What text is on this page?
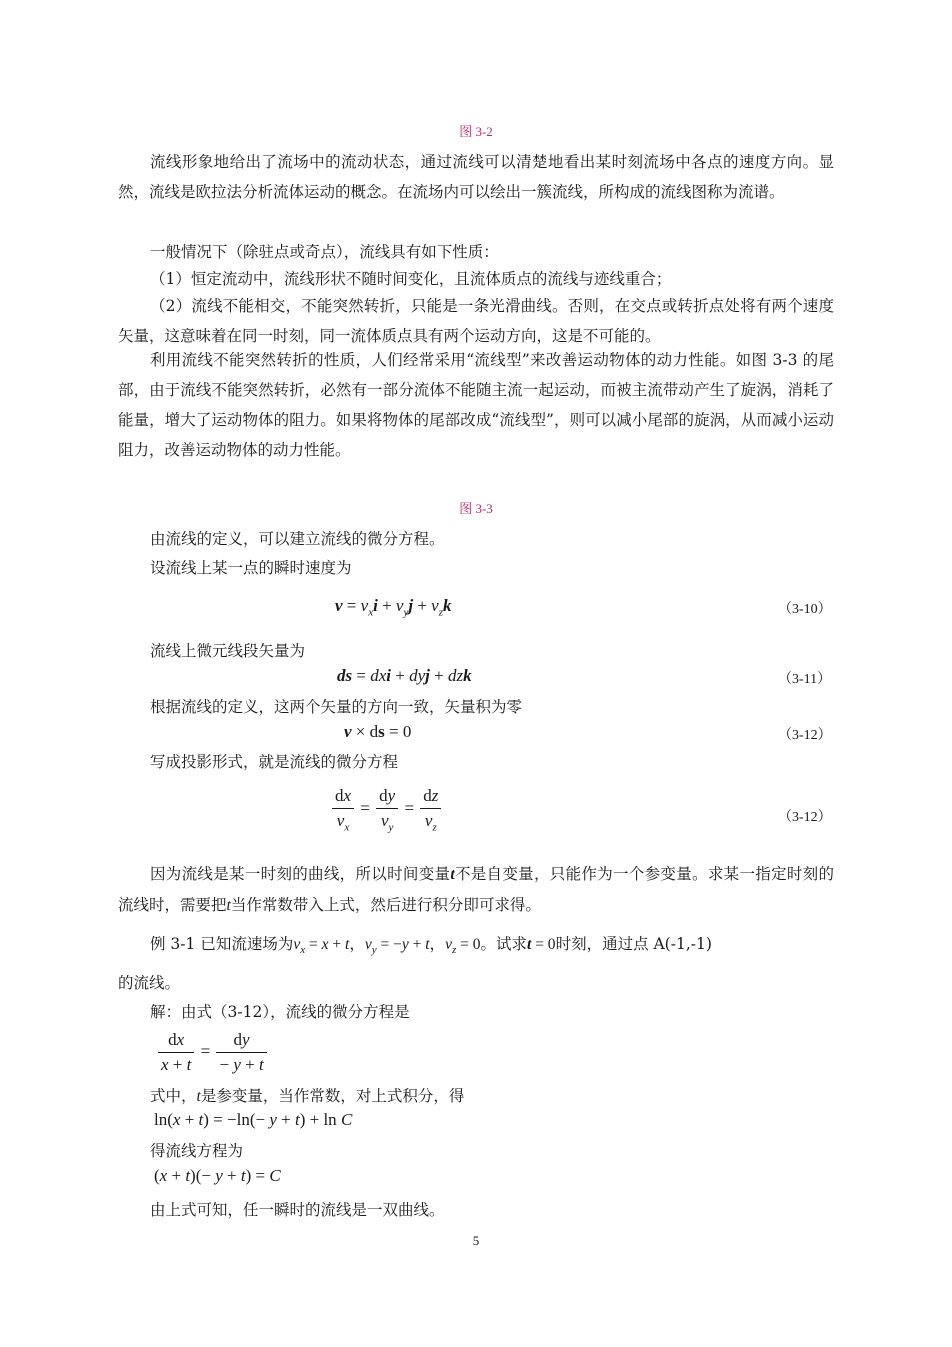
图 3-2

流线形象地给出了流场中的流动状态，通过流线可以清楚地看出某时刻流场中各点的速度方向。显然，流线是欧拉法分析流体运动的概念。在流场内可以绘出一簇流线，所构成的流线图称为流谱。

一般情况下（除驻点或奇点），流线具有如下性质：
（1）恒定流动中，流线形状不随时间变化，且流体质点的流线与迹线重合；

（2）流线不能相交，不能突然转折，只能是一条光滑曲线。否则，在交点或转折点处将有两个速度矢量，这意味着在同一时刻，同一流体质点具有两个运动方向，这是不可能的。

利用流线不能突然转折的性质，人们经常采用“流线型”来改善运动物体的动力性能。如图 3-3 的尾部，由于流线不能突然转折，必然有一部分流体不能随主流一起运动，而被主流带动产生了旋涡，消耗了能量，增大了运动物体的阻力。如果将物体的尾部改成“流线型”，则可以减小尾部的旋涡，从而减小运动阻力，改善运动物体的动力性能。

图 3-3
由流线的定义，可以建立流线的微分方程。
设流线上某一点的瞬时速度为
$v = v_xi + v_yj + v_zk$	（3-10）
流线上微元线段矢量为
ds = dxi + dyj + dzk	（3-11）
根据流线的定义，这两个矢量的方向一致，矢量积为零
v × ds = 0	（3-12）
写成投影形式，就是流线的微分方程
$\frac{dx}{v_x} = \frac{dy}{v_y} = \frac{dz}{v_z}$	（3-12）

因为流线是某一时刻的曲线，所以时间变量t不是自变量，只能作为一个参变量。求某一指定时刻的流线时，需要把t当作常数带入上式，然后进行积分即可求得。

例 3-1 已知流速场为$v_x = x + t$，$v_y = -y + t$，$v_z = 0$。试求t = 0时刻，通过点 A(-1,-1)
的流线。
解：由式（3-12），流线的微分方程是
$\frac{dx}{x + t} = \frac{dy}{- y + t}$
式中，t是参变量，当作常数，对上式积分，得
ln(x + t) = −ln(− y + t) + ln C
得流线方程为
(x + t)(− y + t) = C
由上式可知，任一瞬时的流线是一双曲线。
5
